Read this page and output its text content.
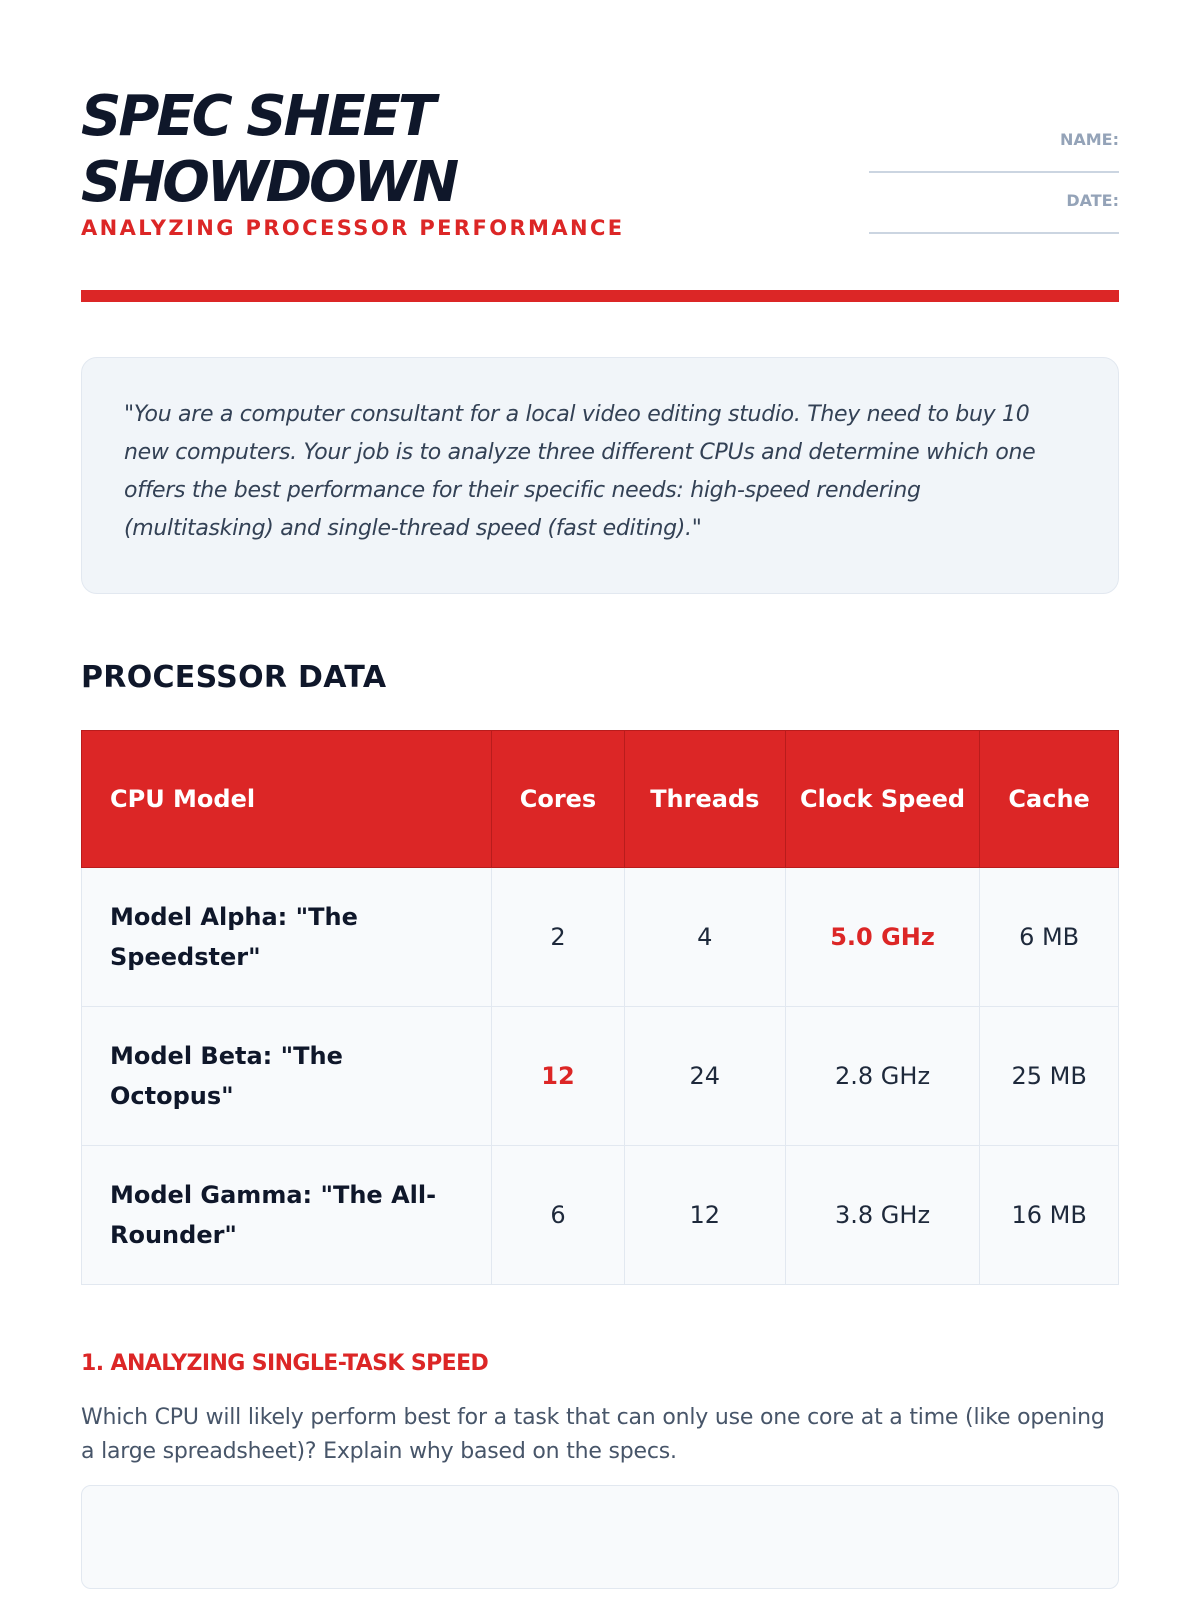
SPEC SHEET
SHOWDOWN
ANALYZING PROCESSOR PERFORMANCE
NAME:
DATE:

"You are a computer consultant for a local video editing studio. They need to buy 10 new computers. Your job is to analyze three different CPUs and determine which one offers the best performance for their specific needs: high-speed rendering (multitasking) and single-thread speed (fast editing)."

PROCESSOR DATA
CPU Model	Cores	Threads	Clock Speed	Cache
Model Alpha: "The Speedster"	2	4	5.0 GHz	6 MB
Model Beta: "The Octopus"	12	24	2.8 GHz	25 MB
Model Gamma: "The All-Rounder"	6	12	3.8 GHz	16 MB
1. ANALYZING SINGLE-TASK SPEED
Which CPU will likely perform best for a task that can only use one core at a time (like opening a large spreadsheet)? Explain why based on the specs.
